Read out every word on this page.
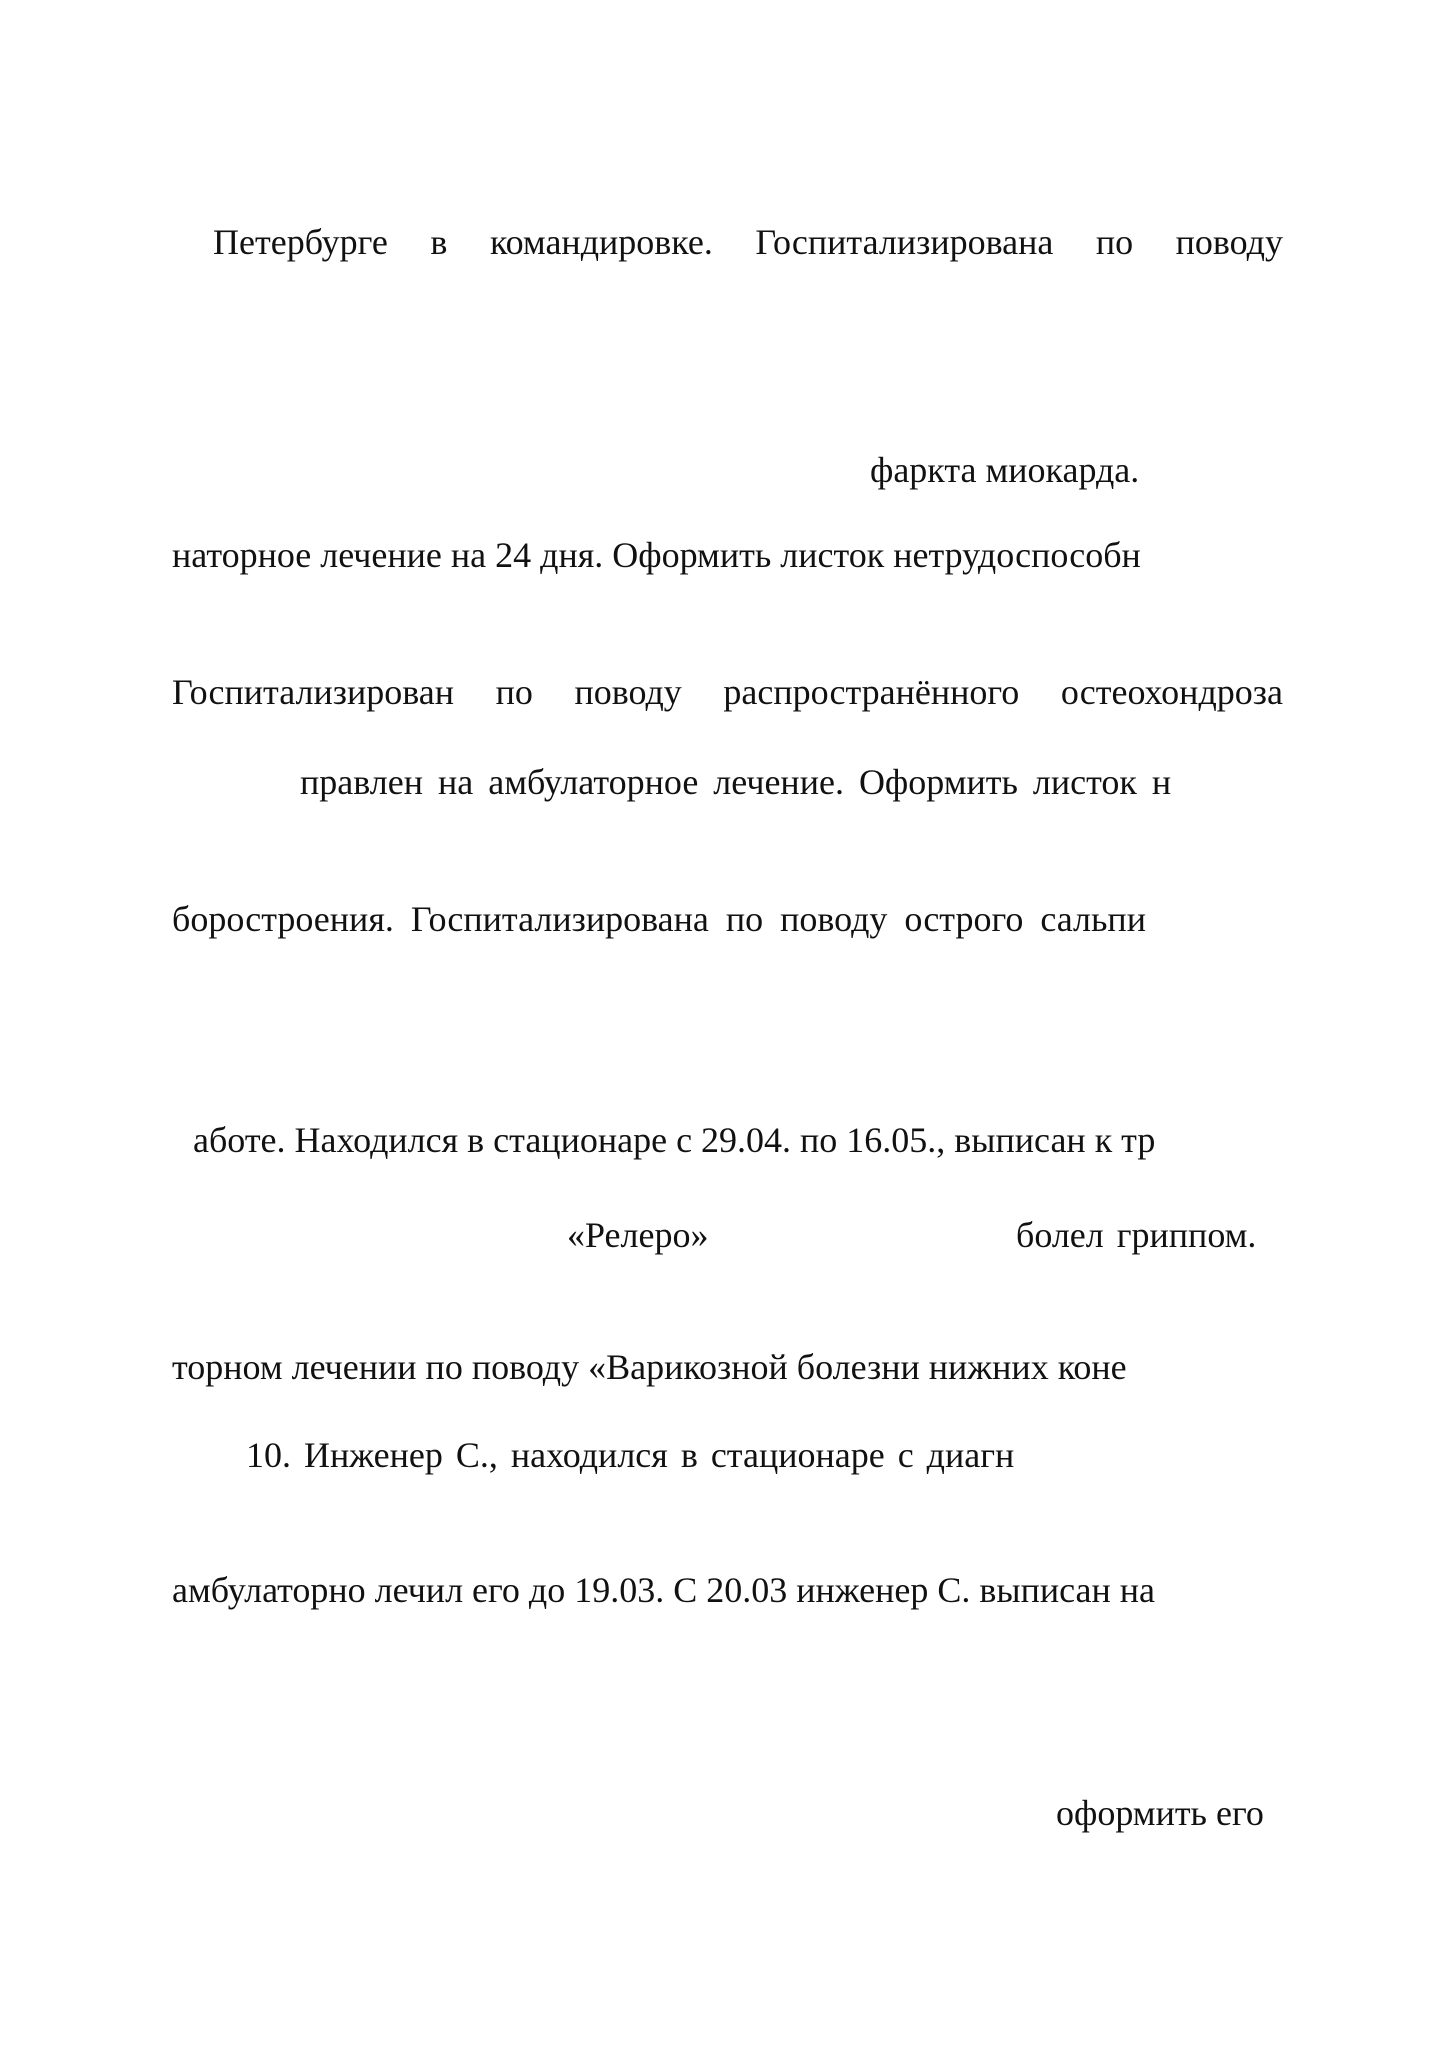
Петербурге в командировке. Госпитализирована по поводу

фаркта миокарда.

наторное лечение на 24 дня. Оформить листок нетрудоспособн

Госпитализирован по поводу распространённого остеохондроза

правлен на амбулаторное лечение. Оформить листок н

боростроения. Госпитализирована по поводу острого сальпи

аботе. Находился в стационаре с 29.04. по 16.05., выписан к тр

«Релеро»	болел гриппом.

торном лечении по поводу «Варикозной болезни нижних коне

10. Инженер С., находился в стационаре с диагн

амбулаторно лечил его до 19.03. С 20.03 инженер С. выписан на

оформить его
